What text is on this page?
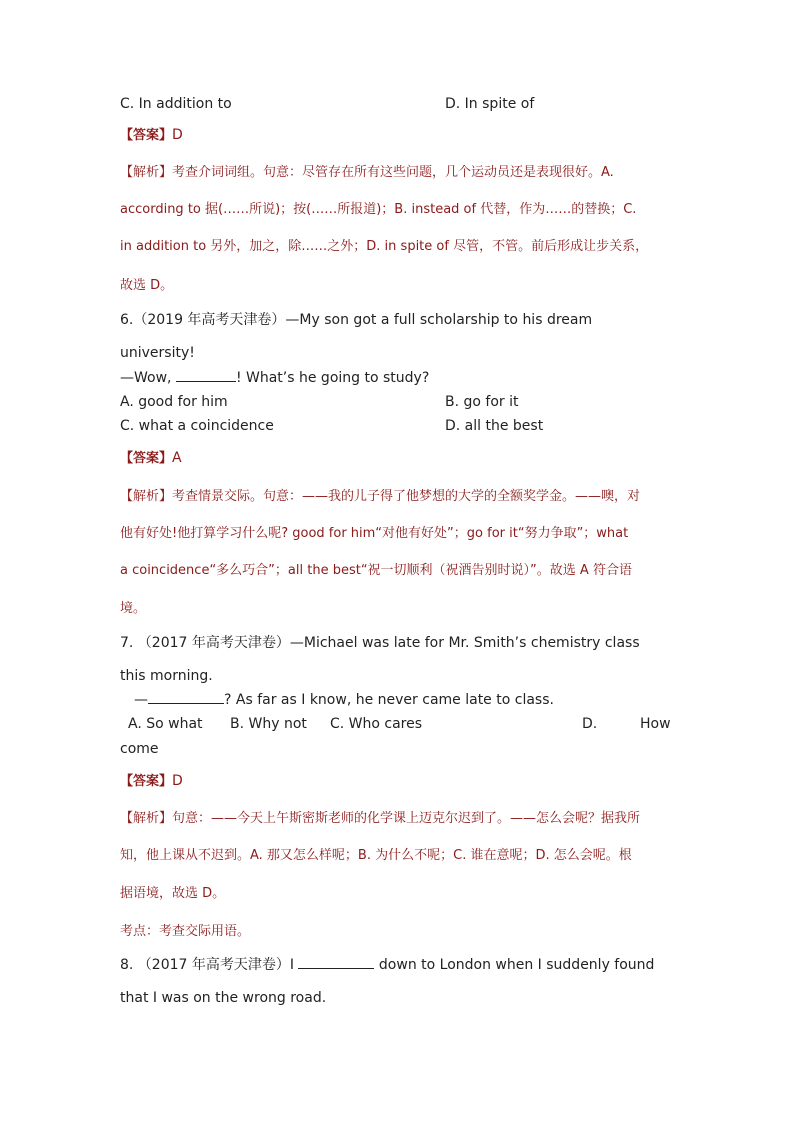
C. In addition to	D. In spite of
【答案】D
【解析】考查介词词组。句意：尽管存在所有这些问题，几个运动员还是表现很好。A.
according to 据(……所说)；按(……所报道)；B. instead of 代替，作为……的替换；C.
in addition to 另外，加之，除……之外；D. in spite of 尽管，不管。前后形成让步关系，
故选 D。
6.（2019 年高考天津卷）—My son got a full scholarship to his dream
university!
—Wow,	! What’s he going to study?
A. good for him	B. go for it
C. what a coincidence	D. all the best
【答案】A
【解析】考查情景交际。句意：——我的儿子得了他梦想的大学的全额奖学金。——噢，对
他有好处!他打算学习什么呢? good for him“对他有好处”；go for it“努力争取”；what
a coincidence“多么巧合”；all the best“祝一切顺利（祝酒告别时说）”。故选 A 符合语
境。
7. （2017 年高考天津卷）—Michael was late for Mr. Smith’s chemistry class
this morning.
—	? As far as I know, he never came late to class.
A. So what B. Why not C. Who cares	D.	How
come
【答案】D
【解析】句意：——今天上午斯密斯老师的化学课上迈克尔迟到了。——怎么会呢？据我所
知，他上课从不迟到。A. 那又怎么样呢；B. 为什么不呢；C. 谁在意呢；D. 怎么会呢。根
据语境，故选 D。
考点：考查交际用语。
8. （2017 年高考天津卷）I	down to London when I suddenly found
that I was on the wrong road.
